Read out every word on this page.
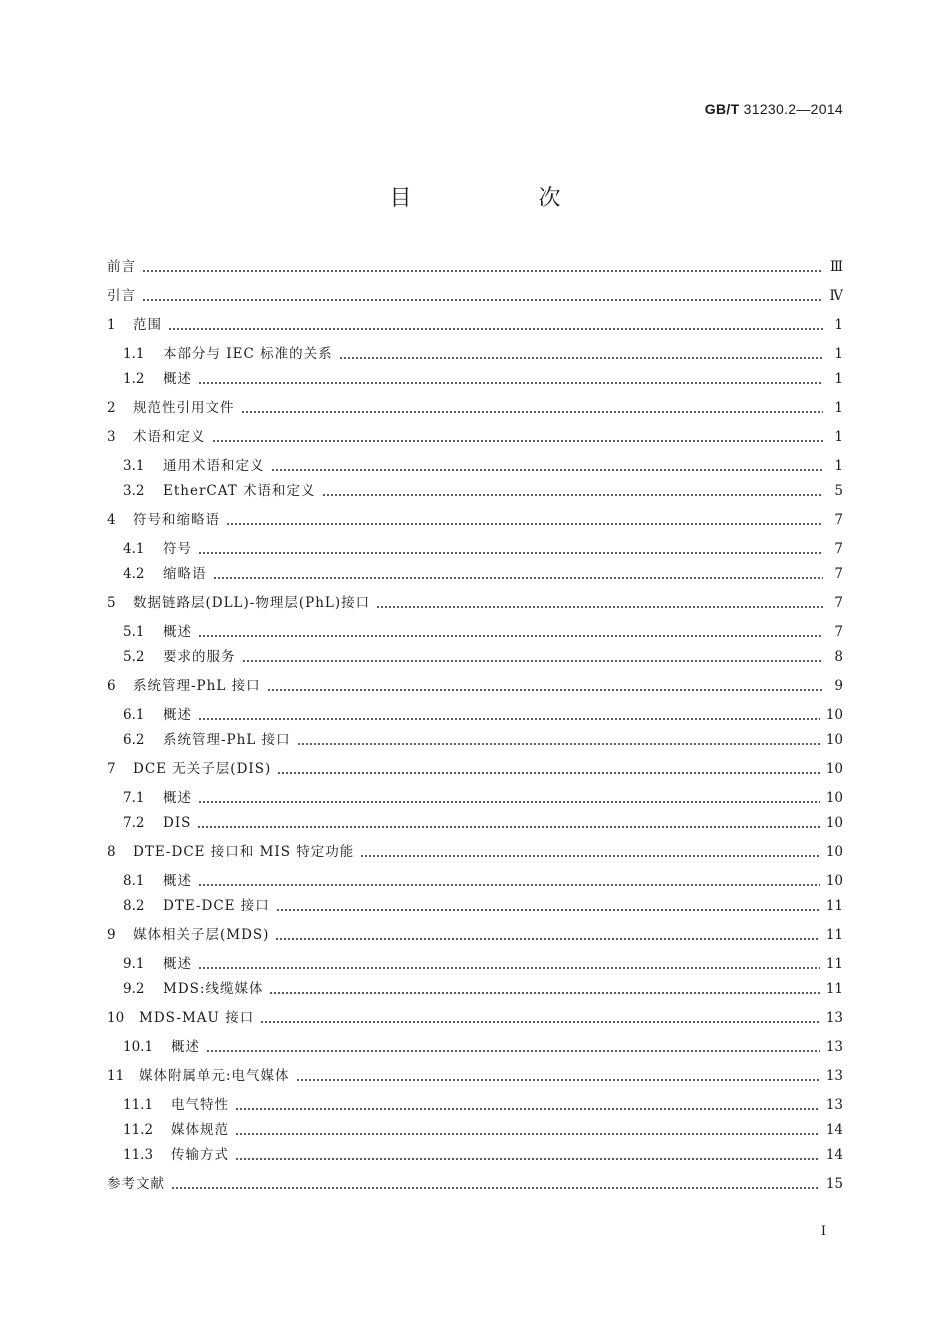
GB/T 31230.2—2014
目 次
前言	Ⅲ
引言	Ⅳ
1	范围	1
1.1	本部分与 IEC 标准的关系	1
1.2	概述	1
2	规范性引用文件	1
3	术语和定义	1
3.1	通用术语和定义	1
3.2	EtherCAT 术语和定义	5
4	符号和缩略语	7
4.1	符号	7
4.2	缩略语	7
5	数据链路层(DLL)-物理层(PhL)接口	7
5.1	概述	7
5.2	要求的服务	8
6	系统管理-PhL 接口	9
6.1	概述	10
6.2	系统管理-PhL 接口	10
7	DCE 无关子层(DIS)	10
7.1	概述	10
7.2	DIS	10
8	DTE-DCE 接口和 MIS 特定功能	10
8.1	概述	10
8.2	DTE-DCE 接口	11
9	媒体相关子层(MDS)	11
9.1	概述	11
9.2	MDS:线缆媒体	11
10	MDS-MAU 接口	13
10.1	概述	13
11	媒体附属单元:电气媒体	13
11.1	电气特性	13
11.2	媒体规范	14
11.3	传输方式	14
参考文献	15
I
